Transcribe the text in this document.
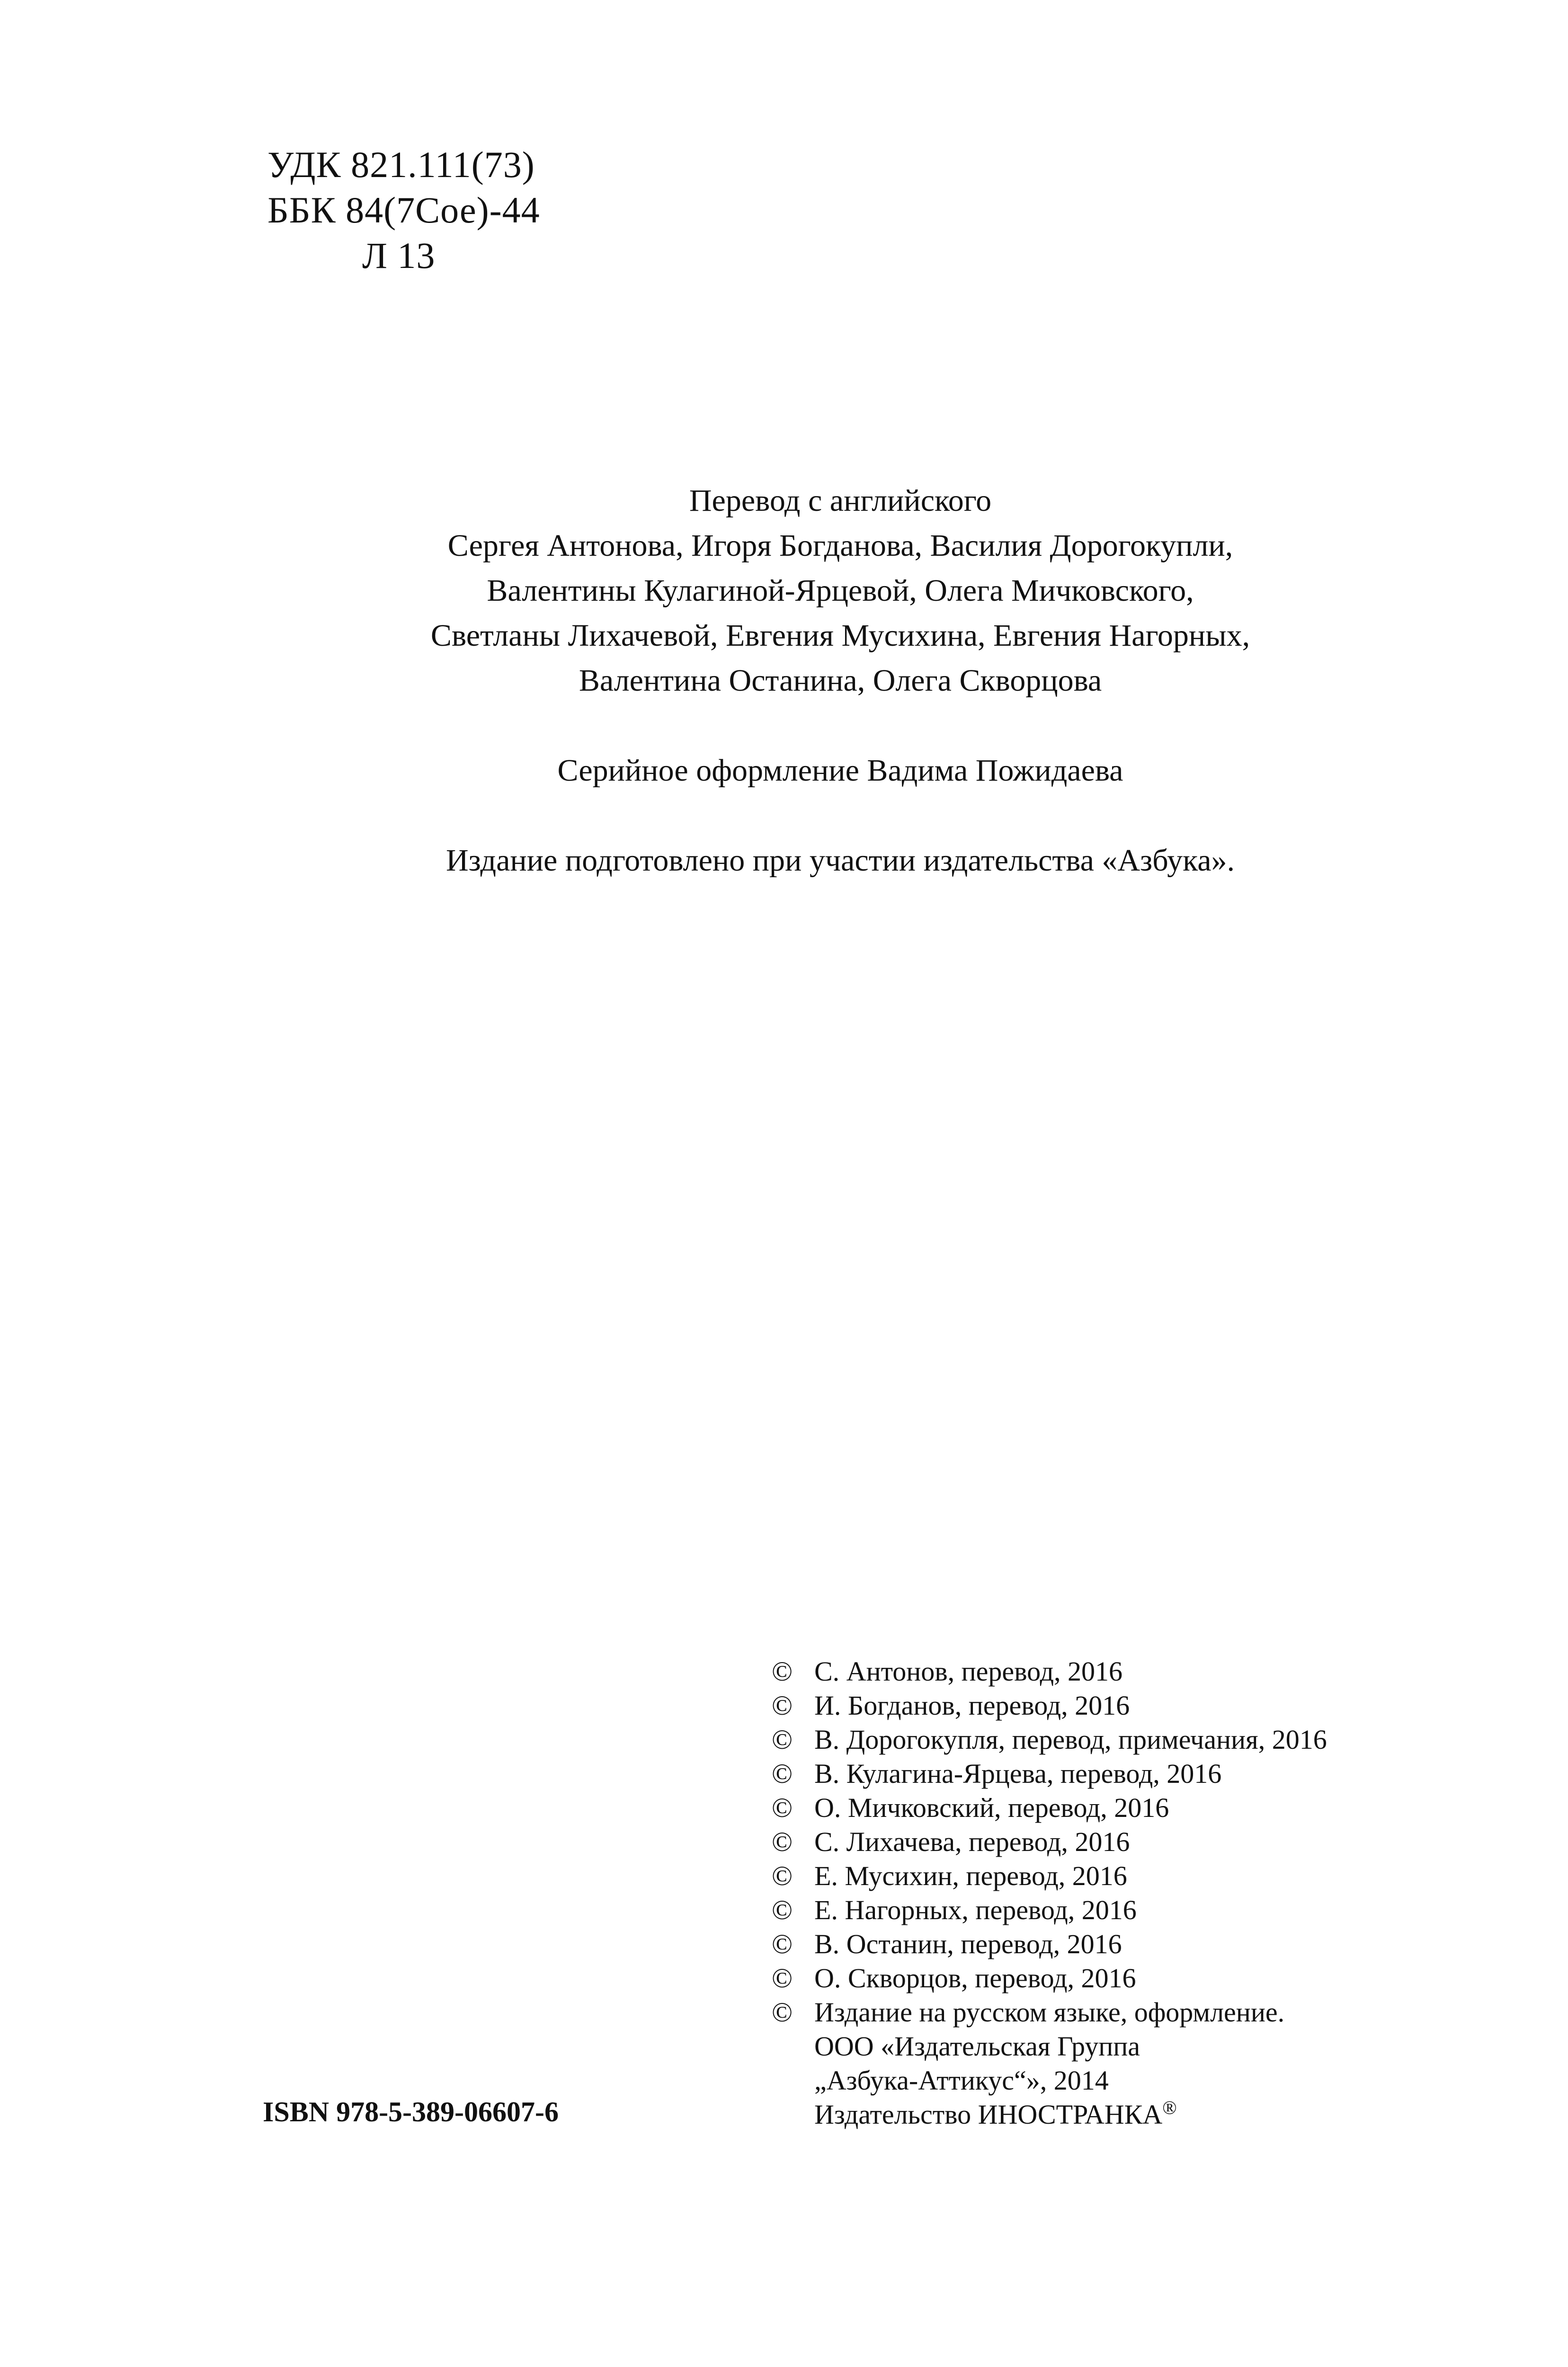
УДК 821.111(73)
ББК 84(7Сое)-44
Л 13
Перевод с английского
Сергея Антонова, Игоря Богданова, Василия Дорогокупли,
Валентины Кулагиной-Ярцевой, Олега Мичковского,
Светланы Лихачевой, Евгения Мусихина, Евгения Нагорных,
Валентина Останина, Олега Скворцова
Серийное оформление Вадима Пожидаева
Издание подготовлено при участии издательства «Азбука».
© С. Антонов, перевод, 2016
© И. Богданов, перевод, 2016
© В. Дорогокупля, перевод, примечания, 2016
© В. Кулагина-Ярцева, перевод, 2016
© О. Мичковский, перевод, 2016
© С. Лихачева, перевод, 2016
© Е. Мусихин, перевод, 2016
© Е. Нагорных, перевод, 2016
© В. Останин, перевод, 2016
© О. Скворцов, перевод, 2016
© Издание на русском языке, оформление.
ООО «Издательская Группа
„Азбука-Аттикус“», 2014
Издательство ИНОСТРАНКА®
ISBN 978-5-389-06607-6
